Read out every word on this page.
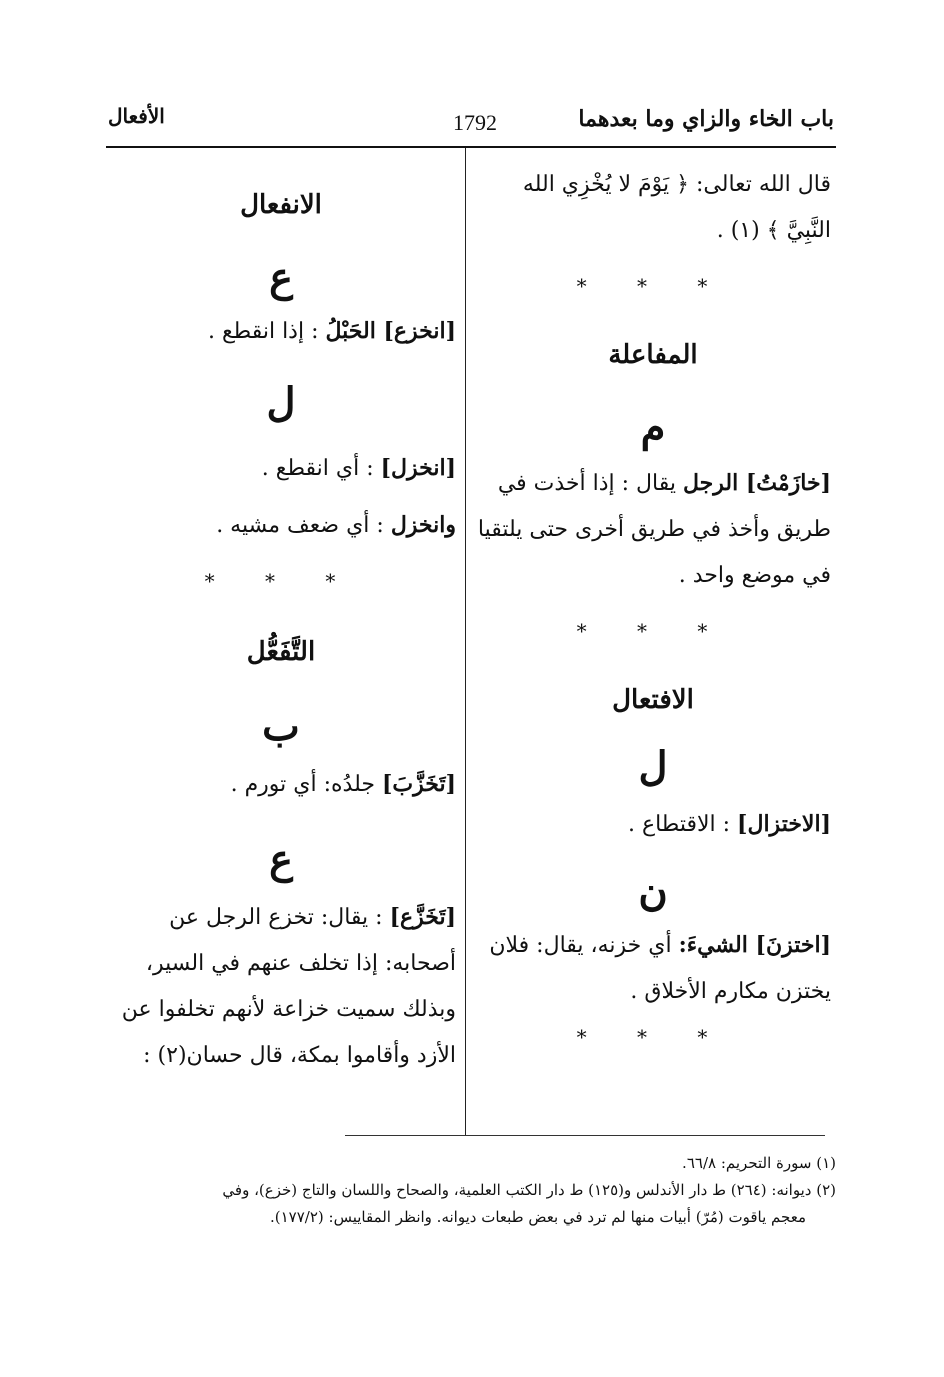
باب الخاء والزاي وما بعدهما
1792
الأفعال

قال الله تعالى: ﴿ يَوْمَ لا يُخْزِي الله

النَّبِيَّ ﴾ (١) .

* * *

المفاعلة

م

[خازَمْتُ] الرجل يقال : إذا أخذت في

طريق وأخذ في طريق أخرى حتى يلتقيا

في موضع واحد .

* * *

الافتعال

ل

[الاختزال] : الاقتطاع .

ن

[اختزنَ] الشيءَ: أي خزنه، يقال: فلان

يختزن مكارم الأخلاق .

* * *

الانفعال

ع

[انخزع] الحَبْلُ : إذا انقطع .

ل

[انخزل] : أي انقطع .

وانخزل : أي ضعف مشيه .

* * *

التَّفَعُّل

ب

[تَخَزَّبَ] جلدُه: أي تورم .

ع

[تَخَزَّع] : يقال: تخزع الرجل عن

أصحابه: إذا تخلف عنهم في السير،

وبذلك سميت خزاعة لأنهم تخلفوا عن

الأزد وأقاموا بمكة، قال حسان(٢) :

(١) سورة التحريم: ٦٦/٨.
(٢) ديوانه: (٢٦٤) ط دار الأندلس و(١٢٥) ط دار الكتب العلمية، والصحاح واللسان والتاج (خزع)، وفي
معجم ياقوت (مُرّ) أبيات منها لم ترد في بعض طبعات ديوانه. وانظر المقاييس: (١٧٧/٢).
